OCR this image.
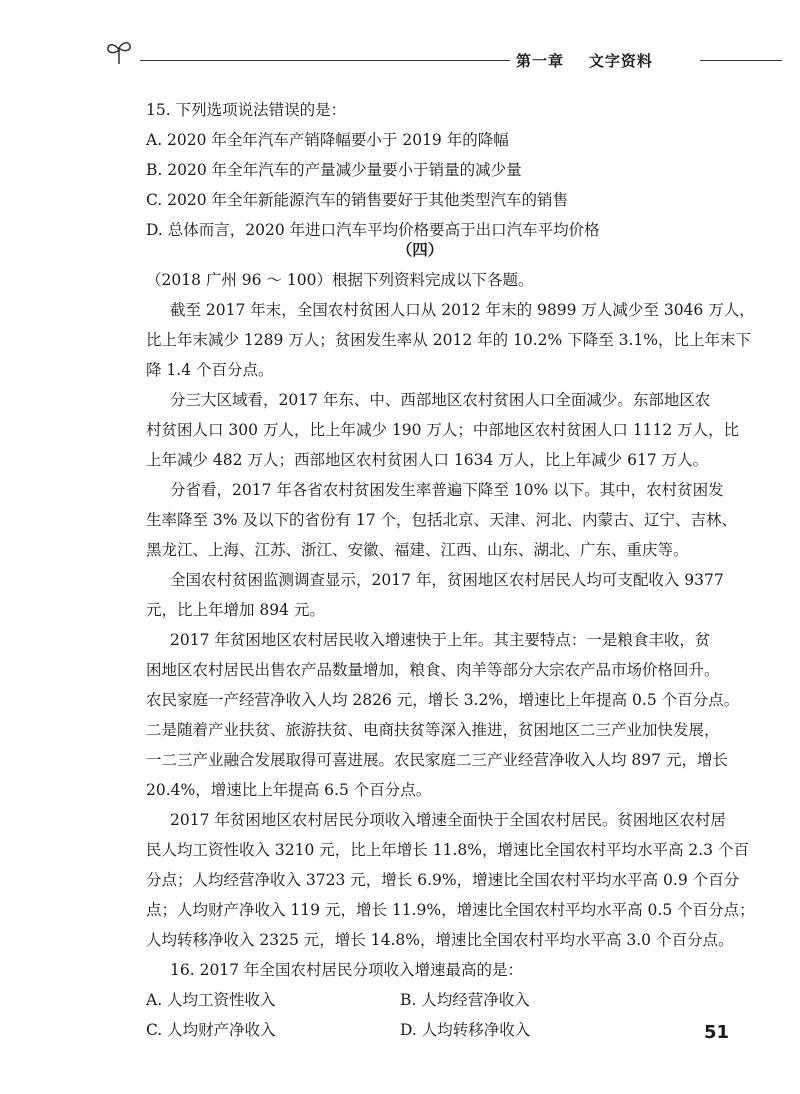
第一章 文字资料
15. 下列选项说法错误的是：
A. 2020 年全年汽车产销降幅要小于 2019 年的降幅
B. 2020 年全年汽车的产量减少量要小于销量的减少量
C. 2020 年全年新能源汽车的销售要好于其他类型汽车的销售
D. 总体而言，2020 年进口汽车平均价格要高于出口汽车平均价格
（四）
（2018 广州 96 ～ 100）根据下列资料完成以下各题。
截至 2017 年末，全国农村贫困人口从 2012 年末的 9899 万人减少至 3046 万人，
比上年末减少 1289 万人；贫困发生率从 2012 年的 10.2% 下降至 3.1%，比上年末下
降 1.4 个百分点。
分三大区域看，2017 年东、中、西部地区农村贫困人口全面减少。东部地区农
村贫困人口 300 万人，比上年减少 190 万人；中部地区农村贫困人口 1112 万人，比
上年减少 482 万人；西部地区农村贫困人口 1634 万人，比上年减少 617 万人。
分省看，2017 年各省农村贫困发生率普遍下降至 10% 以下。其中，农村贫困发
生率降至 3% 及以下的省份有 17 个，包括北京、天津、河北、内蒙古、辽宁、吉林、
黑龙江、上海、江苏、浙江、安徽、福建、江西、山东、湖北、广东、重庆等。
全国农村贫困监测调查显示，2017 年，贫困地区农村居民人均可支配收入 9377
元，比上年增加 894 元。
2017 年贫困地区农村居民收入增速快于上年。其主要特点：一是粮食丰收，贫
困地区农村居民出售农产品数量增加，粮食、肉羊等部分大宗农产品市场价格回升。
农民家庭一产经营净收入人均 2826 元，增长 3.2%，增速比上年提高 0.5 个百分点。
二是随着产业扶贫、旅游扶贫、电商扶贫等深入推进，贫困地区二三产业加快发展，
一二三产业融合发展取得可喜进展。农民家庭二三产业经营净收入人均 897 元，增长
20.4%，增速比上年提高 6.5 个百分点。
2017 年贫困地区农村居民分项收入增速全面快于全国农村居民。贫困地区农村居
民人均工资性收入 3210 元，比上年增长 11.8%，增速比全国农村平均水平高 2.3 个百
分点；人均经营净收入 3723 元，增长 6.9%，增速比全国农村平均水平高 0.9 个百分
点；人均财产净收入 119 元，增长 11.9%，增速比全国农村平均水平高 0.5 个百分点；
人均转移净收入 2325 元，增长 14.8%，增速比全国农村平均水平高 3.0 个百分点。
16. 2017 年全国农村居民分项收入增速最高的是：
A. 人均工资性收入	B. 人均经营净收入
C. 人均财产净收入	D. 人均转移净收入	51
